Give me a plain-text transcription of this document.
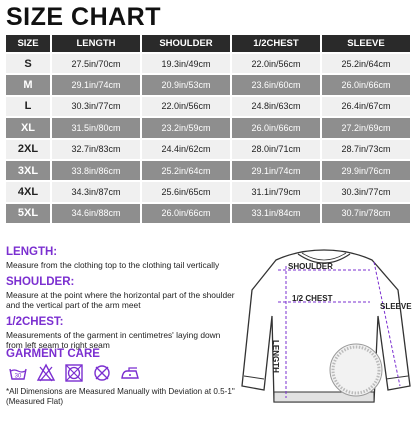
SIZE CHART
SIZE	LENGTH	SHOULDER	1/2CHEST	SLEEVE
S	27.5in/70cm	19.3in/49cm	22.0in/56cm	25.2in/64cm
M	29.1in/74cm	20.9in/53cm	23.6in/60cm	26.0in/66cm
L	30.3in/77cm	22.0in/56cm	24.8in/63cm	26.4in/67cm
XL	31.5in/80cm	23.2in/59cm	26.0in/66cm	27.2in/69cm
2XL	32.7in/83cm	24.4in/62cm	28.0in/71cm	28.7in/73cm
3XL	33.8in/86cm	25.2in/64cm	29.1in/74cm	29.9in/76cm
4XL	34.3in/87cm	25.6in/65cm	31.1in/79cm	30.3in/77cm
5XL	34.6in/88cm	26.0in/66cm	33.1in/84cm	30.7in/78cm
LENGTH:
Measure from the clothing top to the clothing tail vertically
SHOULDER:
Measure at the point where the horizontal part of the shoulder and the vertical part of the arm meet
1/2CHEST:
Measurements of the garment in centimetres' laying down from left seam to right seam
GARMENT CARE
30
*All Dimensions are Measured Manually with Deviation at 0.5-1" (Measured Flat)
SHOULDER
1/2 CHEST
LENGTH
SLEEVE
